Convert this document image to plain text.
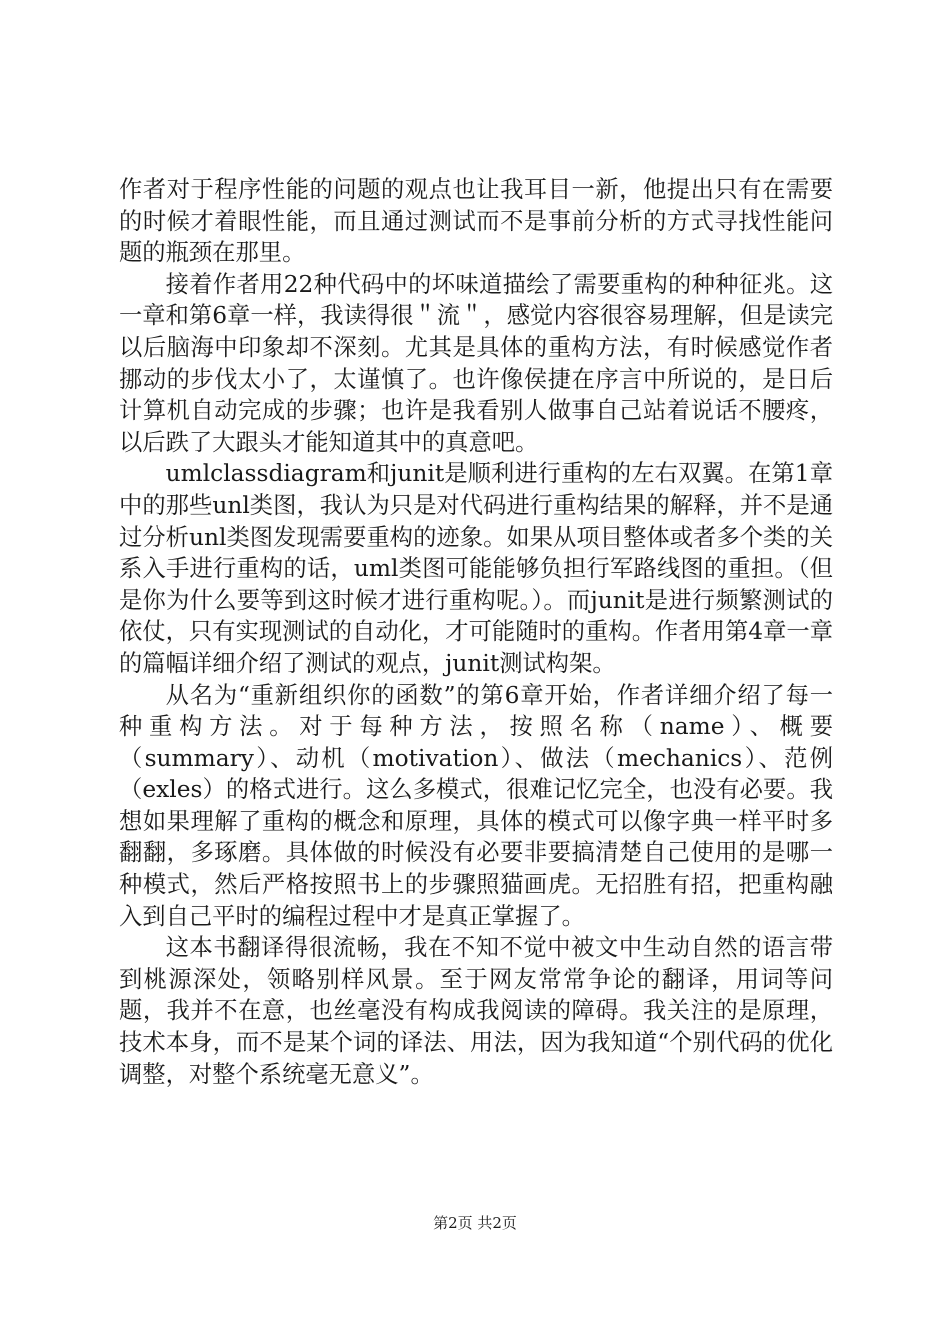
作者对于程序性能的问题的观点也让我耳目一新，他提出只有在需要的时候才着眼性能，而且通过测试而不是事前分析的方式寻找性能问题的瓶颈在那里。

接着作者用22种代码中的坏味道描绘了需要重构的种种征兆。这一章和第6章一样，我读得很＂流＂，感觉内容很容易理解，但是读完以后脑海中印象却不深刻。尤其是具体的重构方法，有时候感觉作者挪动的步伐太小了，太谨慎了。也许像侯捷在序言中所说的，是日后计算机自动完成的步骤；也许是我看别人做事自己站着说话不腰疼，以后跌了大跟头才能知道其中的真意吧。

umlclassdiagram和junit是顺利进行重构的左右双翼。在第1章中的那些unl类图，我认为只是对代码进行重构结果的解释，并不是通过分析unl类图发现需要重构的迹象。如果从项目整体或者多个类的关系入手进行重构的话，uml类图可能能够负担行军路线图的重担。（但是你为什么要等到这时候才进行重构呢。）。而junit是进行频繁测试的依仗，只有实现测试的自动化，才可能随时的重构。作者用第4章一章的篇幅详细介绍了测试的观点，junit测试构架。

从名为“重新组织你的函数”的第6章开始，作者详细介绍了每一种重构方法。对于每种方法，按照名称（name）、概要（summary）、动机（motivation）、做法（mechanics）、范例（exles）的格式进行。这么多模式，很难记忆完全，也没有必要。我想如果理解了重构的概念和原理，具体的模式可以像字典一样平时多翻翻，多琢磨。具体做的时候没有必要非要搞清楚自己使用的是哪一种模式，然后严格按照书上的步骤照猫画虎。无招胜有招，把重构融入到自己平时的编程过程中才是真正掌握了。

这本书翻译得很流畅，我在不知不觉中被文中生动自然的语言带到桃源深处，领略别样风景。至于网友常常争论的翻译，用词等问题，我并不在意，也丝毫没有构成我阅读的障碍。我关注的是原理，技术本身，而不是某个词的译法、用法，因为我知道“个别代码的优化调整，对整个系统毫无意义”。

第2页 共2页
